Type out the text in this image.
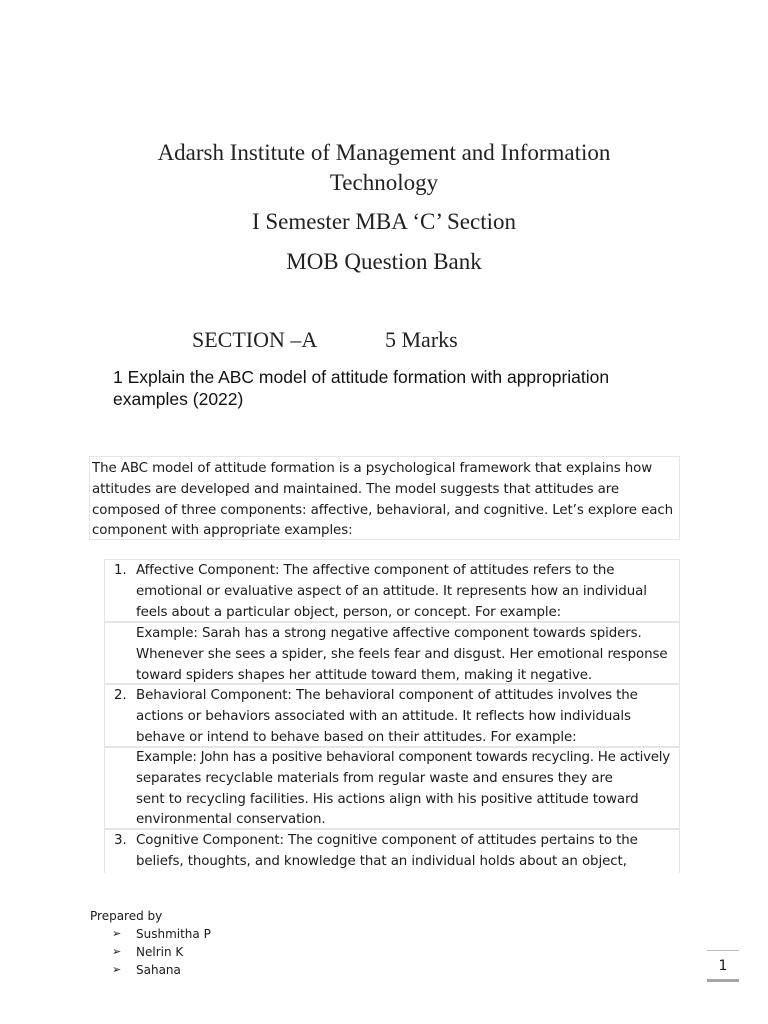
Adarsh Institute of Management and Information
Technology
I Semester MBA ‘C’ Section
MOB Question Bank
SECTION –A	5 Marks
1 Explain the ABC model of attitude formation with appropriation
examples (2022)
The ABC model of attitude formation is a psychological framework that explains how
attitudes are developed and maintained. The model suggests that attitudes are
composed of three components: affective, behavioral, and cognitive. Let’s explore each
component with appropriate examples:
1. Affective Component: The affective component of attitudes refers to the
emotional or evaluative aspect of an attitude. It represents how an individual
feels about a particular object, person, or concept. For example:
Example: Sarah has a strong negative affective component towards spiders.
Whenever she sees a spider, she feels fear and disgust. Her emotional response
toward spiders shapes her attitude toward them, making it negative.
2. Behavioral Component: The behavioral component of attitudes involves the
actions or behaviors associated with an attitude. It reflects how individuals
behave or intend to behave based on their attitudes. For example:
Example: John has a positive behavioral component towards recycling. He actively
separates recyclable materials from regular waste and ensures they are
sent to recycling facilities. His actions align with his positive attitude toward
environmental conservation.
3. Cognitive Component: The cognitive component of attitudes pertains to the
beliefs, thoughts, and knowledge that an individual holds about an object,
Prepared by
➢	Sushmitha P
➢	Nelrin K
➢	Sahana	1
